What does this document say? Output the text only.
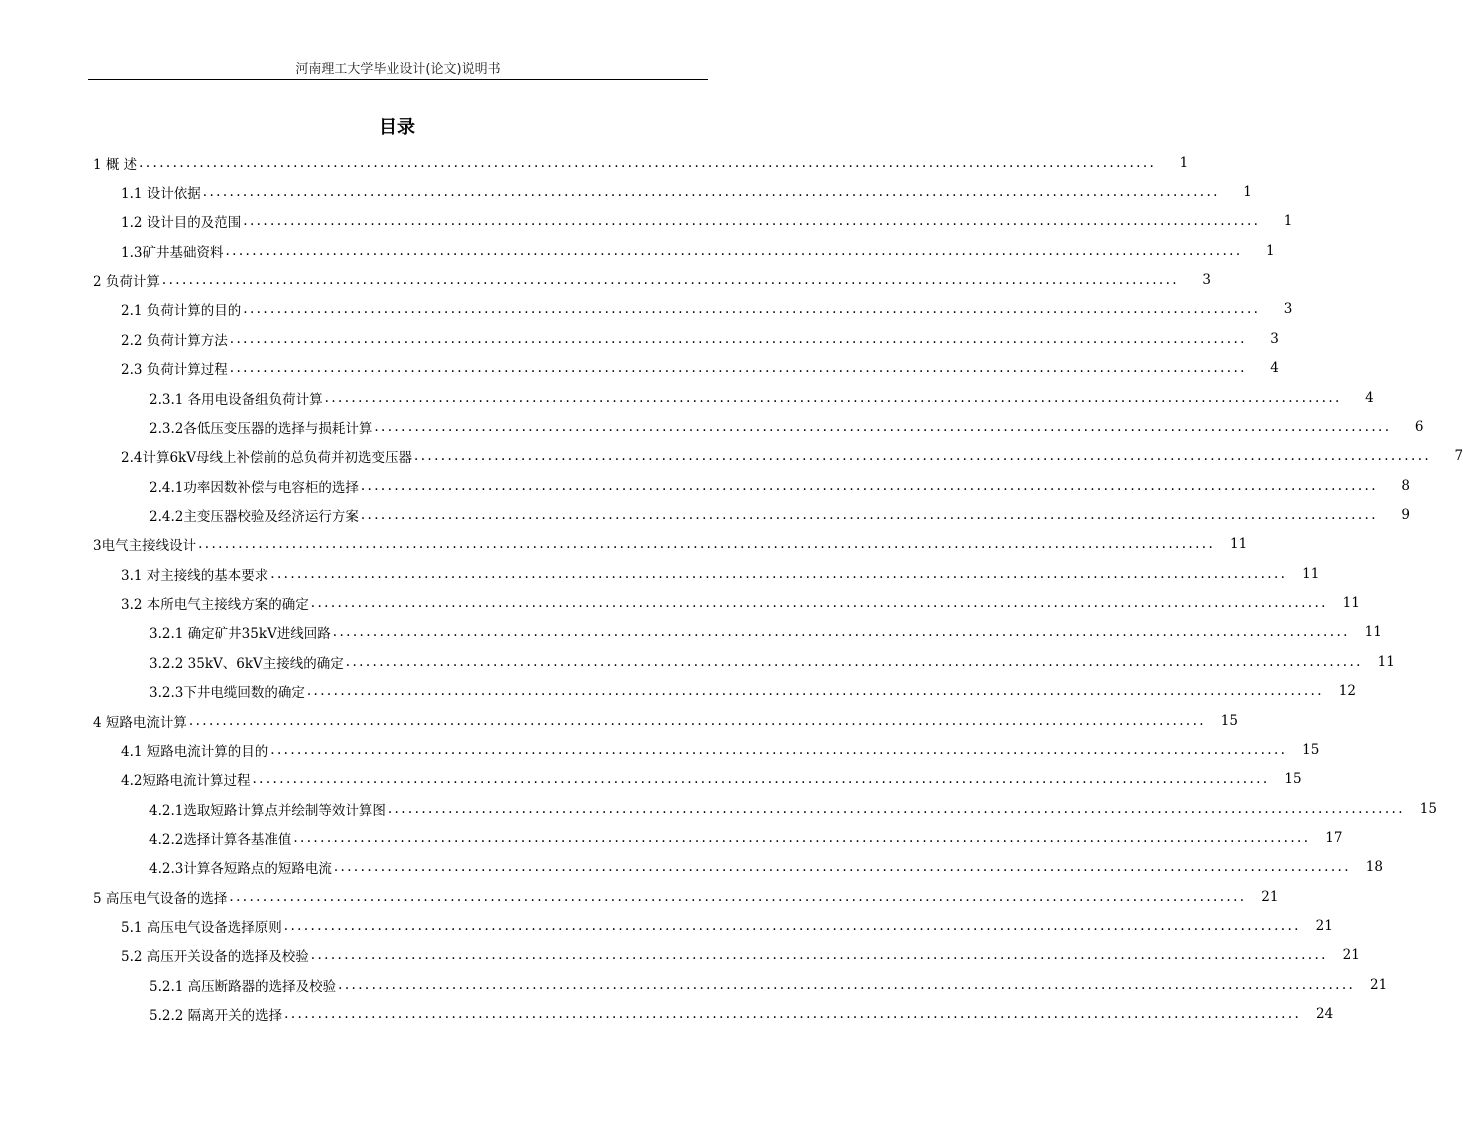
河南理工大学毕业设计(论文)说明书
目录
1 概 述 ........................................................................................................................................................	1
1.1 设计依据 ........................................................................................................................................................	1
1.2 设计目的及范围 ........................................................................................................................................................	1
1.3矿井基础资料 ........................................................................................................................................................	1
2 负荷计算 ........................................................................................................................................................	3
2.1 负荷计算的目的 ........................................................................................................................................................	3
2.2 负荷计算方法 ........................................................................................................................................................	3
2.3 负荷计算过程 ........................................................................................................................................................	4
2.3.1 各用电设备组负荷计算 ........................................................................................................................................................	4
2.3.2各低压变压器的选择与损耗计算 ........................................................................................................................................................	6
2.4计算6kV母线上补偿前的总负荷并初选变压器 ........................................................................................................................................................	7
2.4.1功率因数补偿与电容柜的选择 ........................................................................................................................................................	8
2.4.2主变压器校验及经济运行方案 ........................................................................................................................................................	9
3电气主接线设计 ........................................................................................................................................................	11
3.1 对主接线的基本要求 ........................................................................................................................................................	11
3.2 本所电气主接线方案的确定 ........................................................................................................................................................	11
3.2.1 确定矿井35kV进线回路 ........................................................................................................................................................	11
3.2.2 35kV、6kV主接线的确定 ........................................................................................................................................................	11
3.2.3下井电缆回数的确定 ........................................................................................................................................................	12
4 短路电流计算 ........................................................................................................................................................	15
4.1 短路电流计算的目的 ........................................................................................................................................................	15
4.2短路电流计算过程 ........................................................................................................................................................	15
4.2.1选取短路计算点并绘制等效计算图 ........................................................................................................................................................	15
4.2.2选择计算各基准值 ........................................................................................................................................................	17
4.2.3计算各短路点的短路电流 ........................................................................................................................................................	18
5 高压电气设备的选择 ........................................................................................................................................................	21
5.1 高压电气设备选择原则 ........................................................................................................................................................	21
5.2 高压开关设备的选择及校验 ........................................................................................................................................................	21
5.2.1 高压断路器的选择及校验 ........................................................................................................................................................	21
5.2.2 隔离开关的选择 ........................................................................................................................................................	24
